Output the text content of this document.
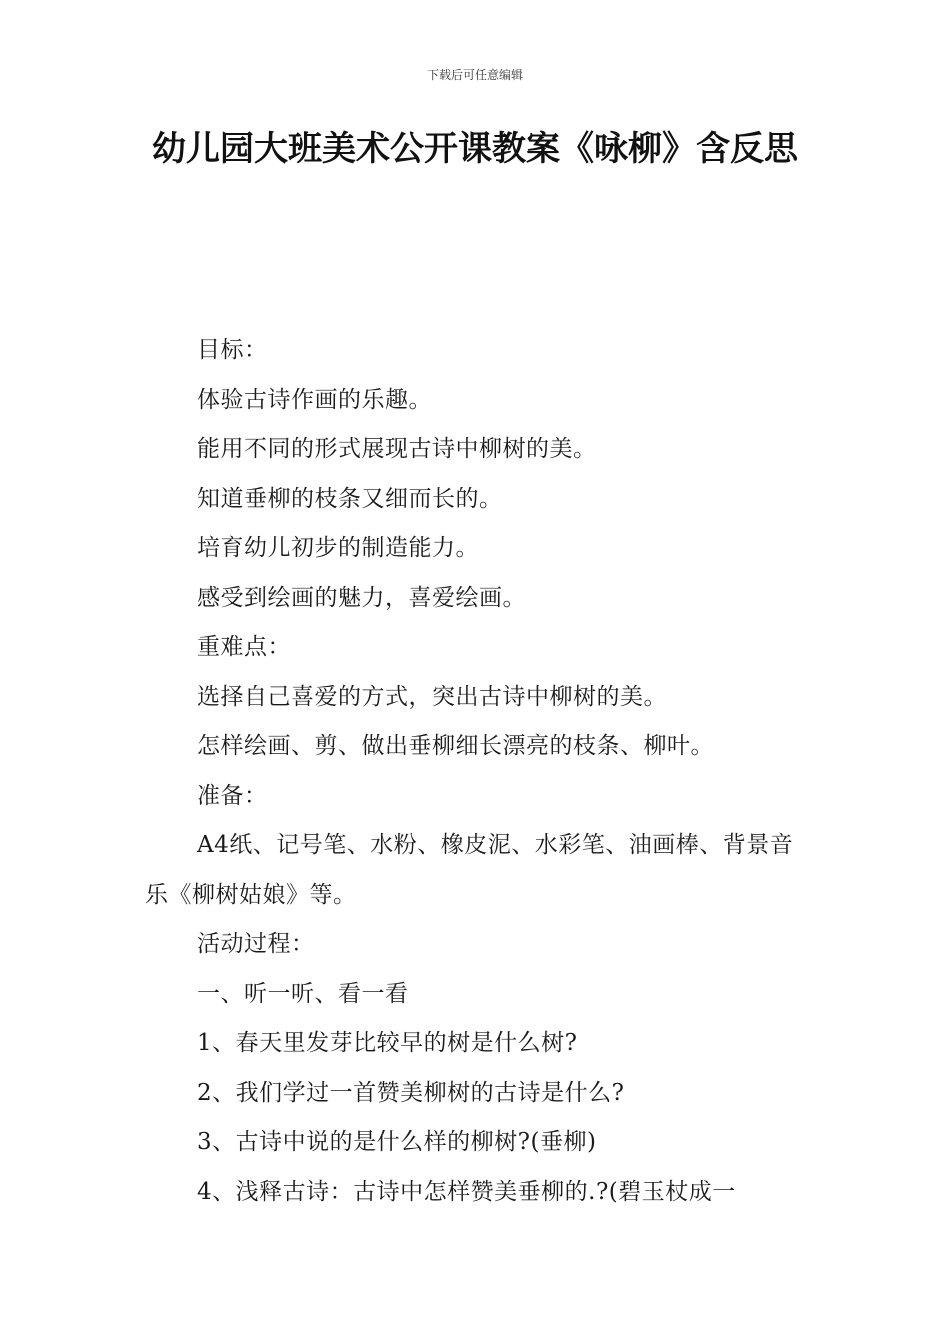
下载后可任意编辑
幼儿园大班美术公开课教案《咏柳》含反思

目标：

体验古诗作画的乐趣。

能用不同的形式展现古诗中柳树的美。

知道垂柳的枝条又细而长的。

培育幼儿初步的制造能力。

感受到绘画的魅力，喜爱绘画。

重难点：

选择自己喜爱的方式，突出古诗中柳树的美。

怎样绘画、剪、做出垂柳细长漂亮的枝条、柳叶。

准备：

A4纸、记号笔、水粉、橡皮泥、水彩笔、油画棒、背景音乐《柳树姑娘》等。

活动过程：

一、听一听、看一看

1、春天里发芽比较早的树是什么树?

2、我们学过一首赞美柳树的古诗是什么?

3、古诗中说的是什么样的柳树?(垂柳)

4、浅释古诗：古诗中怎样赞美垂柳的.?(碧玉杖成一
